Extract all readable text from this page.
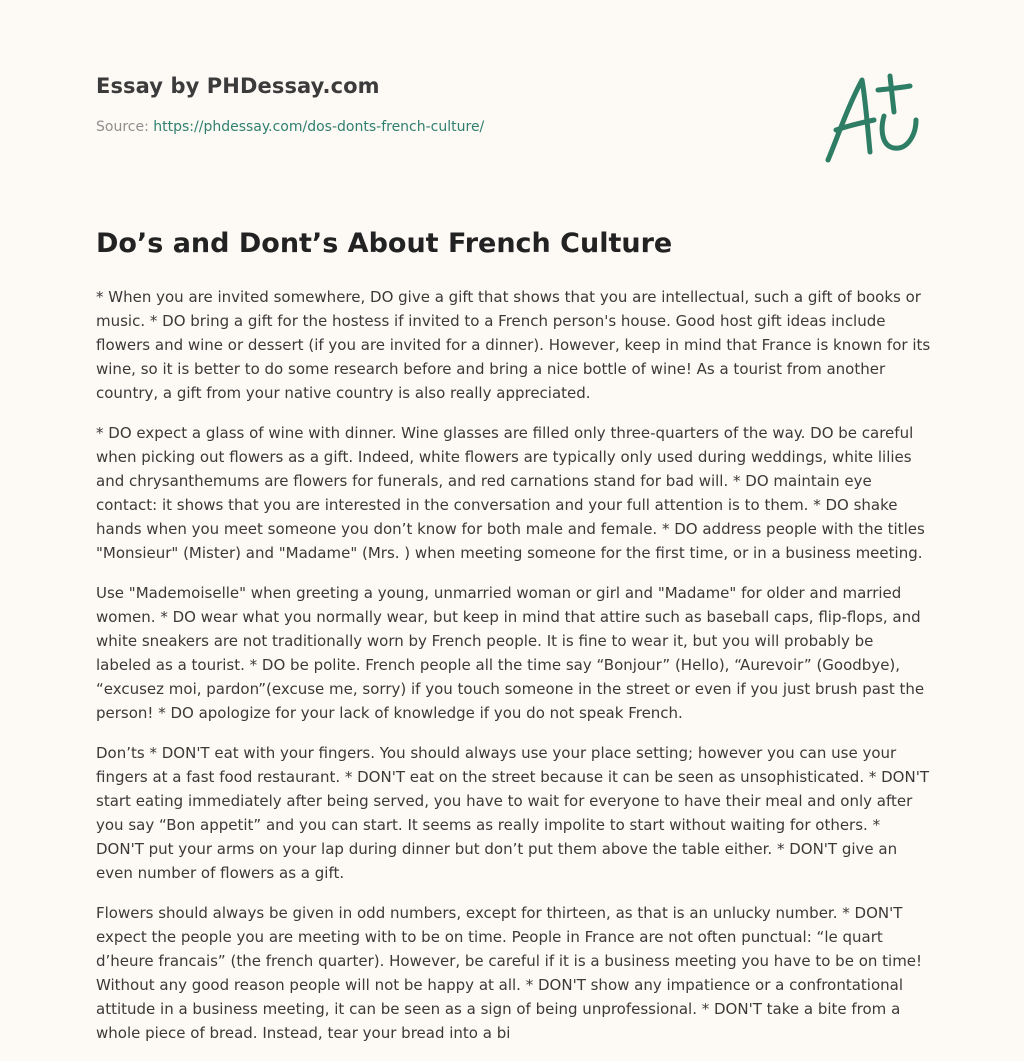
Essay by PHDessay.com
Source: https://phdessay.com/dos-donts-french-culture/
Do’s and Dont’s About French Culture

* When you are invited somewhere, DO give a gift that shows that you are intellectual, such a gift of books or music. * DO bring a gift for the hostess if invited to a French person's house. Good host gift ideas include flowers and wine or dessert (if you are invited for a dinner). However, keep in mind that France is known for its wine, so it is better to do some research before and bring a nice bottle of wine! As a tourist from another country, a gift from your native country is also really appreciated.

* DO expect a glass of wine with dinner. Wine glasses are filled only three-quarters of the way. DO be careful when picking out flowers as a gift. Indeed, white flowers are typically only used during weddings, white lilies and chrysanthemums are flowers for funerals, and red carnations stand for bad will. * DO maintain eye contact: it shows that you are interested in the conversation and your full attention is to them. * DO shake hands when you meet someone you don’t know for both male and female. * DO address people with the titles "Monsieur" (Mister) and "Madame" (Mrs. ) when meeting someone for the first time, or in a business meeting.

Use "Mademoiselle" when greeting a young, unmarried woman or girl and "Madame" for older and married women. * DO wear what you normally wear, but keep in mind that attire such as baseball caps, flip-flops, and white sneakers are not traditionally worn by French people. It is fine to wear it, but you will probably be labeled as a tourist. * DO be polite. French people all the time say “Bonjour” (Hello), “Aurevoir” (Goodbye), “excusez moi, pardon”(excuse me, sorry) if you touch someone in the street or even if you just brush past the person! * DO apologize for your lack of knowledge if you do not speak French.

Don’ts * DON'T eat with your fingers. You should always use your place setting; however you can use your fingers at a fast food restaurant. * DON'T eat on the street because it can be seen as unsophisticated. * DON'T start eating immediately after being served, you have to wait for everyone to have their meal and only after you say “Bon appetit” and you can start. It seems as really impolite to start without waiting for others. * DON'T put your arms on your lap during dinner but don’t put them above the table either. * DON'T give an even number of flowers as a gift.

Flowers should always be given in odd numbers, except for thirteen, as that is an unlucky number. * DON'T expect the people you are meeting with to be on time. People in France are not often punctual: “le quart d’heure francais” (the french quarter). However, be careful if it is a business meeting you have to be on time! Without any good reason people will not be happy at all. * DON'T show any impatience or a confrontational attitude in a business meeting, it can be seen as a sign of being unprofessional. * DON'T take a bite from a whole piece of bread. Instead, tear your bread into a bi
